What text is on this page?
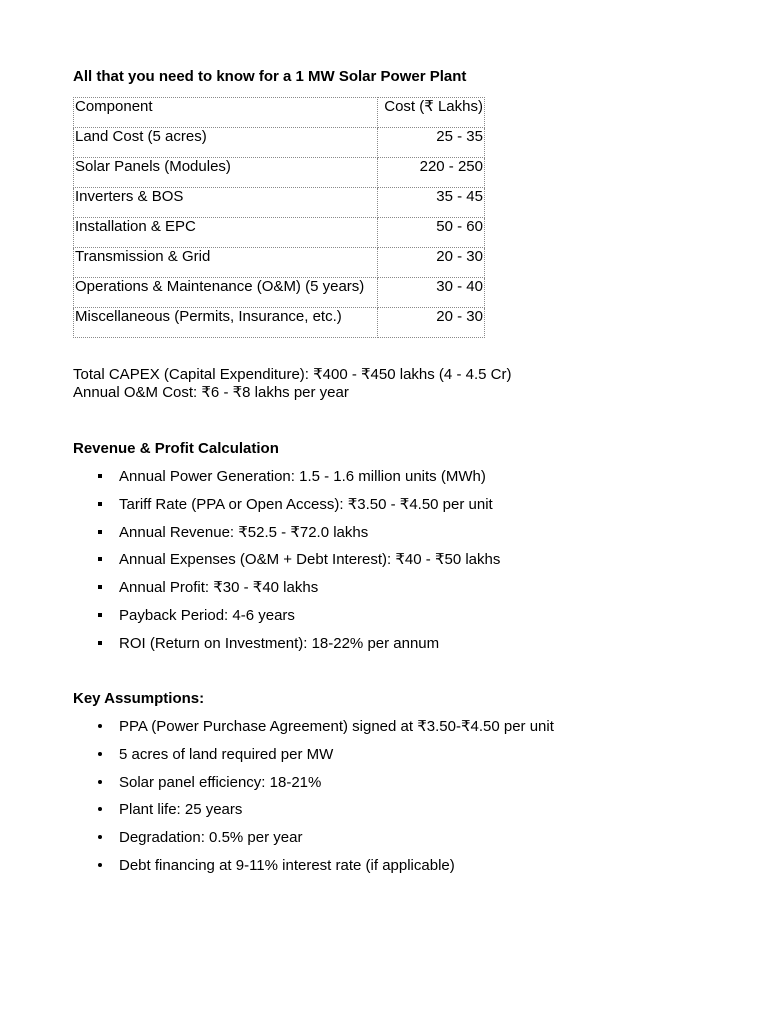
All that you need to know for a 1 MW Solar Power Plant
Component	Cost (₹ Lakhs)
Land Cost (5 acres)	25 - 35
Solar Panels (Modules)	220 - 250
Inverters & BOS	35 - 45
Installation & EPC	50 - 60
Transmission & Grid	20 - 30
Operations & Maintenance (O&M) (5 years)	30 - 40
Miscellaneous (Permits, Insurance, etc.)	20 - 30
Total CAPEX (Capital Expenditure): ₹400 - ₹450 lakhs (4 - 4.5 Cr)
Annual O&M Cost: ₹6 - ₹8 lakhs per year
Revenue & Profit Calculation
Annual Power Generation: 1.5 - 1.6 million units (MWh)
Tariff Rate (PPA or Open Access): ₹3.50 - ₹4.50 per unit
Annual Revenue: ₹52.5 - ₹72.0 lakhs
Annual Expenses (O&M + Debt Interest): ₹40 - ₹50 lakhs
Annual Profit: ₹30 - ₹40 lakhs
Payback Period: 4-6 years
ROI (Return on Investment): 18-22% per annum
Key Assumptions:
PPA (Power Purchase Agreement) signed at ₹3.50-₹4.50 per unit
5 acres of land required per MW
Solar panel efficiency: 18-21%
Plant life: 25 years
Degradation: 0.5% per year
Debt financing at 9-11% interest rate (if applicable)
